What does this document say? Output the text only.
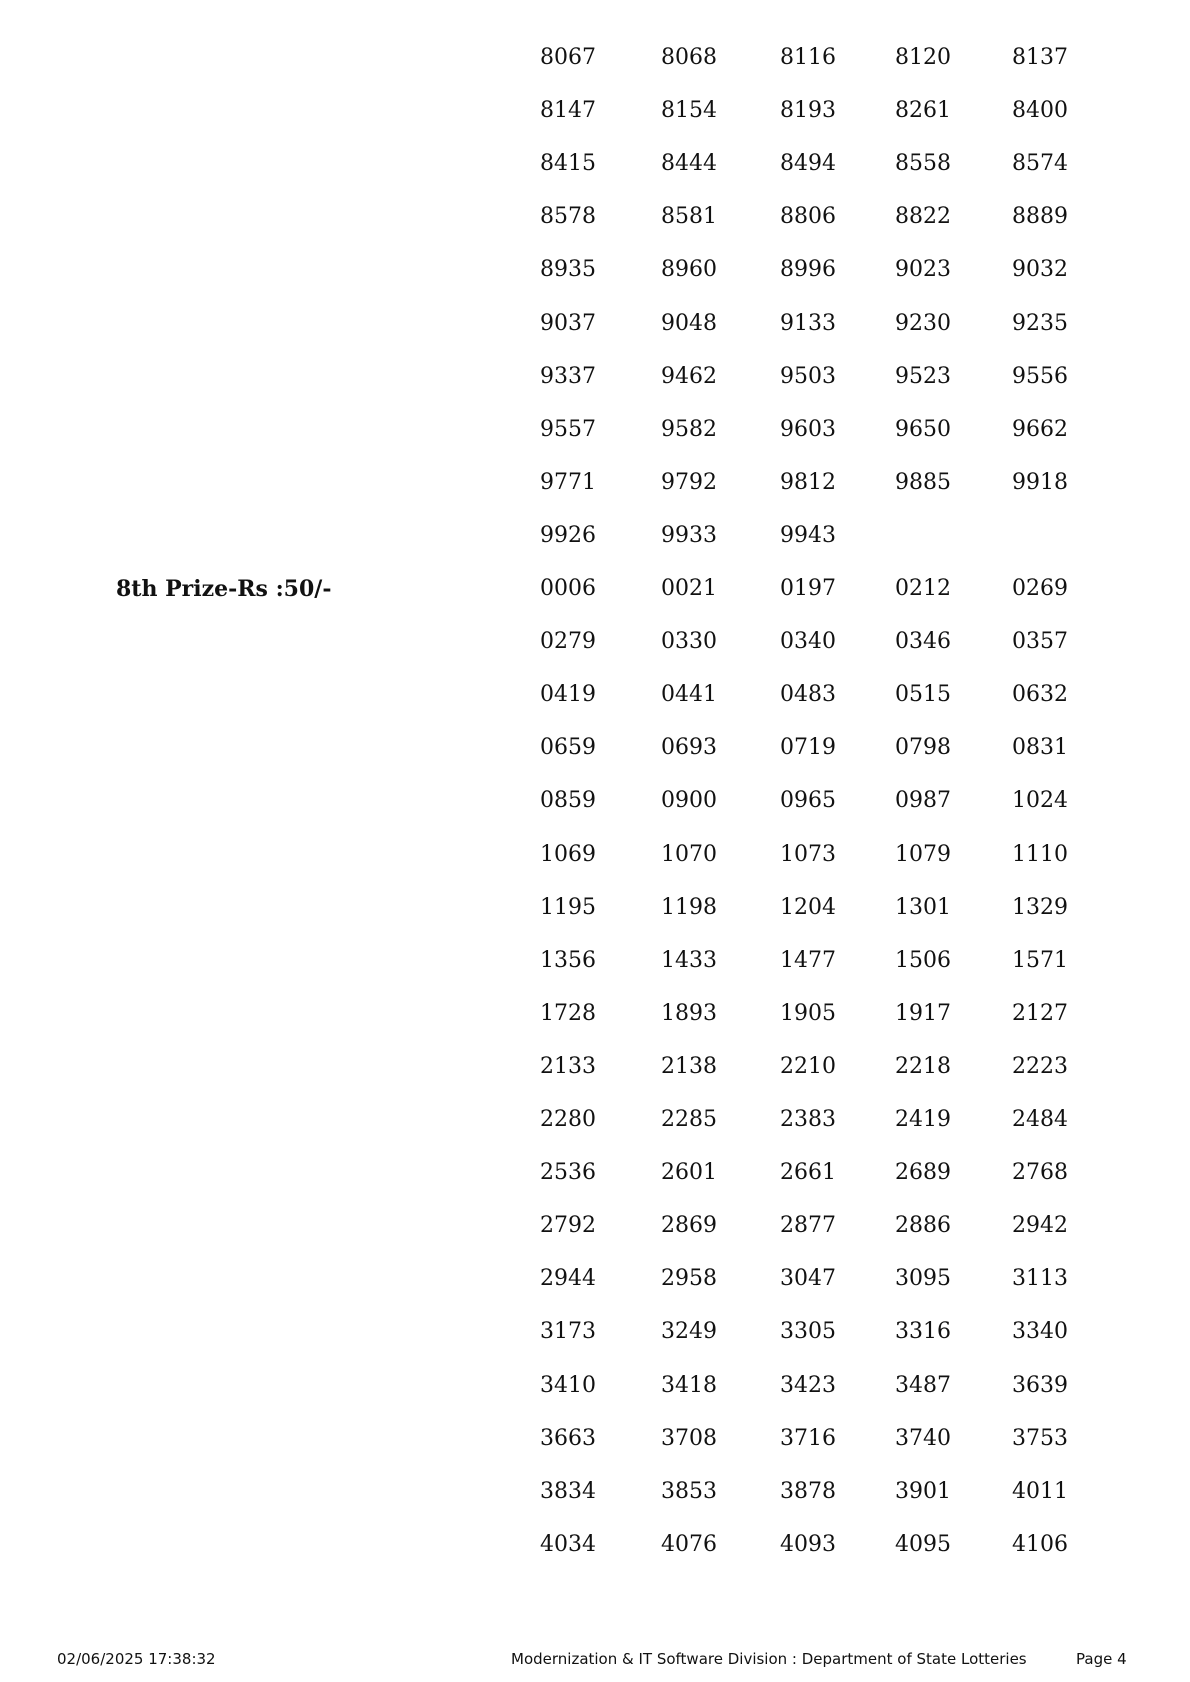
8067	8068	8116	8120	8137
8147	8154	8193	8261	8400
8415	8444	8494	8558	8574
8578	8581	8806	8822	8889
8935	8960	8996	9023	9032
9037	9048	9133	9230	9235
9337	9462	9503	9523	9556
9557	9582	9603	9650	9662
9771	9792	9812	9885	9918
9926	9933	9943
8th Prize-Rs :50/-	0006	0021	0197	0212	0269
0279	0330	0340	0346	0357
0419	0441	0483	0515	0632
0659	0693	0719	0798	0831
0859	0900	0965	0987	1024
1069	1070	1073	1079	1110
1195	1198	1204	1301	1329
1356	1433	1477	1506	1571
1728	1893	1905	1917	2127
2133	2138	2210	2218	2223
2280	2285	2383	2419	2484
2536	2601	2661	2689	2768
2792	2869	2877	2886	2942
2944	2958	3047	3095	3113
3173	3249	3305	3316	3340
3410	3418	3423	3487	3639
3663	3708	3716	3740	3753
3834	3853	3878	3901	4011
4034	4076	4093	4095	4106
02/06/2025 17:38:32	Modernization & IT Software Division : Department of State Lotteries	Page 4
